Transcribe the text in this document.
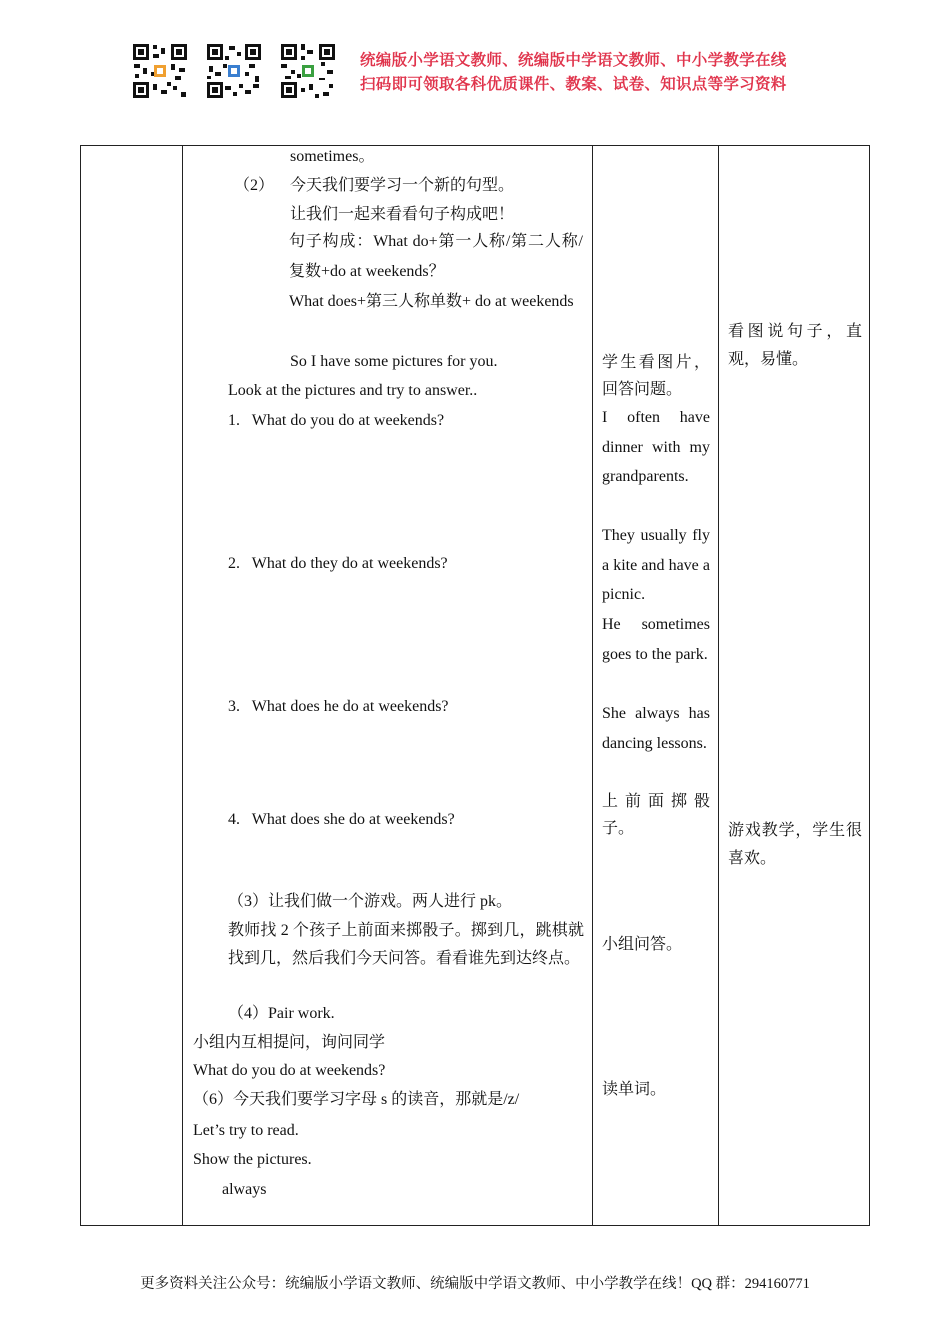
统编版小学语文教师、统编版中学语文教师、中小学教学在线
扫码即可领取各科优质课件、教案、试卷、知识点等学习资料
sometimes。
（2） 今天我们要学习一个新的句型。
让我们一起来看看句子构成吧！
句子构成：What do+第一人称/第二人称/复数+do at weekends？
What does+第三人称单数+ do at weekends
So I have some pictures for you.
Look at the pictures and try to answer..
1.   What do you do at weekends?
2.   What do they do at weekends?
3.   What does he do at weekends?
4.   What does she do at weekends?
（3）让我们做一个游戏。两人进行 pk。
教师找 2 个孩子上前面来掷骰子。掷到几，跳棋就找到几，然后我们今天问答。看看谁先到达终点。
（4）Pair work.
小组内互相提问，询问同学
What do you do at weekends?
（6）今天我们要学习字母 s 的读音，那就是/z/
Let’s try to read.
Show the pictures.
always
学生看图片，回答问题。
I often have dinner with my grandparents.
They usually fly a kite and have a picnic.
He sometimes goes to the park.
She always has dancing lessons.
上前面掷骰子。
小组问答。
读单词。
看图说句子，直观，易懂。
游戏教学，学生很喜欢。
更多资料关注公众号：统编版小学语文教师、统编版中学语文教师、中小学教学在线！QQ 群：294160771
